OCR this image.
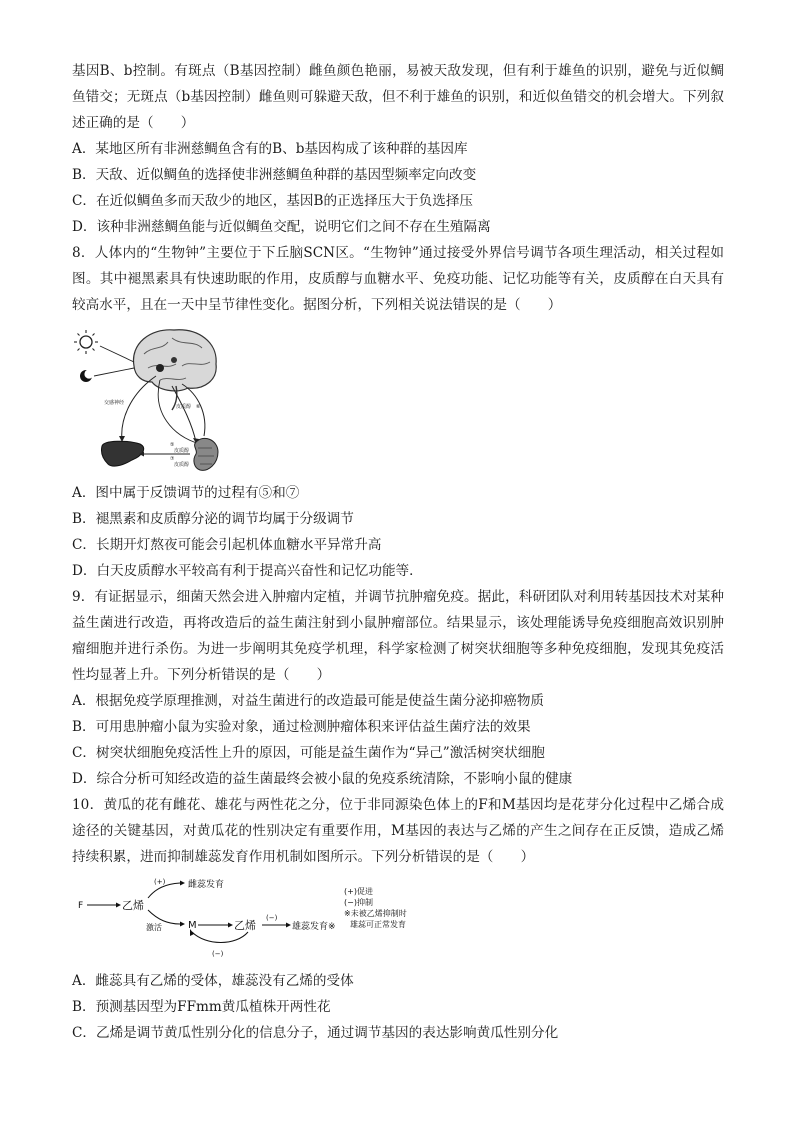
基因B、b控制。有斑点（B基因控制）雌鱼颜色艳丽，易被天敌发现，但有利于雄鱼的识别，避免与近似鲷鱼错交；无斑点（b基因控制）雌鱼则可躲避天敌，但不利于雄鱼的识别，和近似鱼错交的机会增大。下列叙述正确的是（　　）

A．某地区所有非洲慈鲷鱼含有的B、b基因构成了该种群的基因库

B．天敌、近似鲷鱼的选择使非洲慈鲷鱼种群的基因型频率定向改变

C．在近似鲷鱼多而天敌少的地区，基因B的正选择压大于负选择压

D．该种非洲慈鲷鱼能与近似鲷鱼交配，说明它们之间不存在生殖隔离

8．人体内的“生物钟”主要位于下丘脑SCN区。“生物钟”通过接受外界信号调节各项生理活动，相关过程如图。其中褪黑素具有快速助眠的作用，皮质醇与血糖水平、免疫功能、记忆功能等有关，皮质醇在白天具有较高水平，且在一天中呈节律性变化。据图分析，下列相关说法错误的是（　　）

交感神经
皮质醇 ⑥
⑤
皮质醇
⑦
皮质醇

A．图中属于反馈调节的过程有⑤和⑦

B．褪黑素和皮质醇分泌的调节均属于分级调节

C．长期开灯熬夜可能会引起机体血糖水平异常升高

D．白天皮质醇水平较高有利于提高兴奋性和记忆功能等．

9．有证据显示，细菌天然会进入肿瘤内定植，并调节抗肿瘤免疫。据此，科研团队对利用转基因技术对某种益生菌进行改造，再将改造后的益生菌注射到小鼠肿瘤部位。结果显示，该处理能诱导免疫细胞高效识别肿瘤细胞并进行杀伤。为进一步阐明其免疫学机理，科学家检测了树突状细胞等多种免疫细胞，发现其免疫活性均显著上升。下列分析错误的是（　　）

A．根据免疫学原理推测，对益生菌进行的改造最可能是使益生菌分泌抑癌物质

B．可用患肿瘤小鼠为实验对象，通过检测肿瘤体积来评估益生菌疗法的效果

C．树突状细胞免疫活性上升的原因，可能是益生菌作为“异己”激活树突状细胞

D．综合分析可知经改造的益生菌最终会被小鼠的免疫系统清除，不影响小鼠的健康

10．黄瓜的花有雌花、雄花与两性花之分，位于非同源染色体上的F和M基因均是花芽分化过程中乙烯合成途径的关键基因，对黄瓜花的性别决定有重要作用，M基因的表达与乙烯的产生之间存在正反馈，造成乙烯持续积累，进而抑制雄蕊发育作用机制如图所示。下列分析错误的是（　　）

F	乙烯
(+)	雌蕊发育
激活	M	乙烯
(−)
(−)
雄蕊发育※
(+)促进
(−)抑制
※未被乙烯抑制时
雄蕊可正常发育

A．雌蕊具有乙烯的受体，雄蕊没有乙烯的受体

B．预测基因型为FFmm黄瓜植株开两性花

C．乙烯是调节黄瓜性别分化的信息分子，通过调节基因的表达影响黄瓜性别分化
